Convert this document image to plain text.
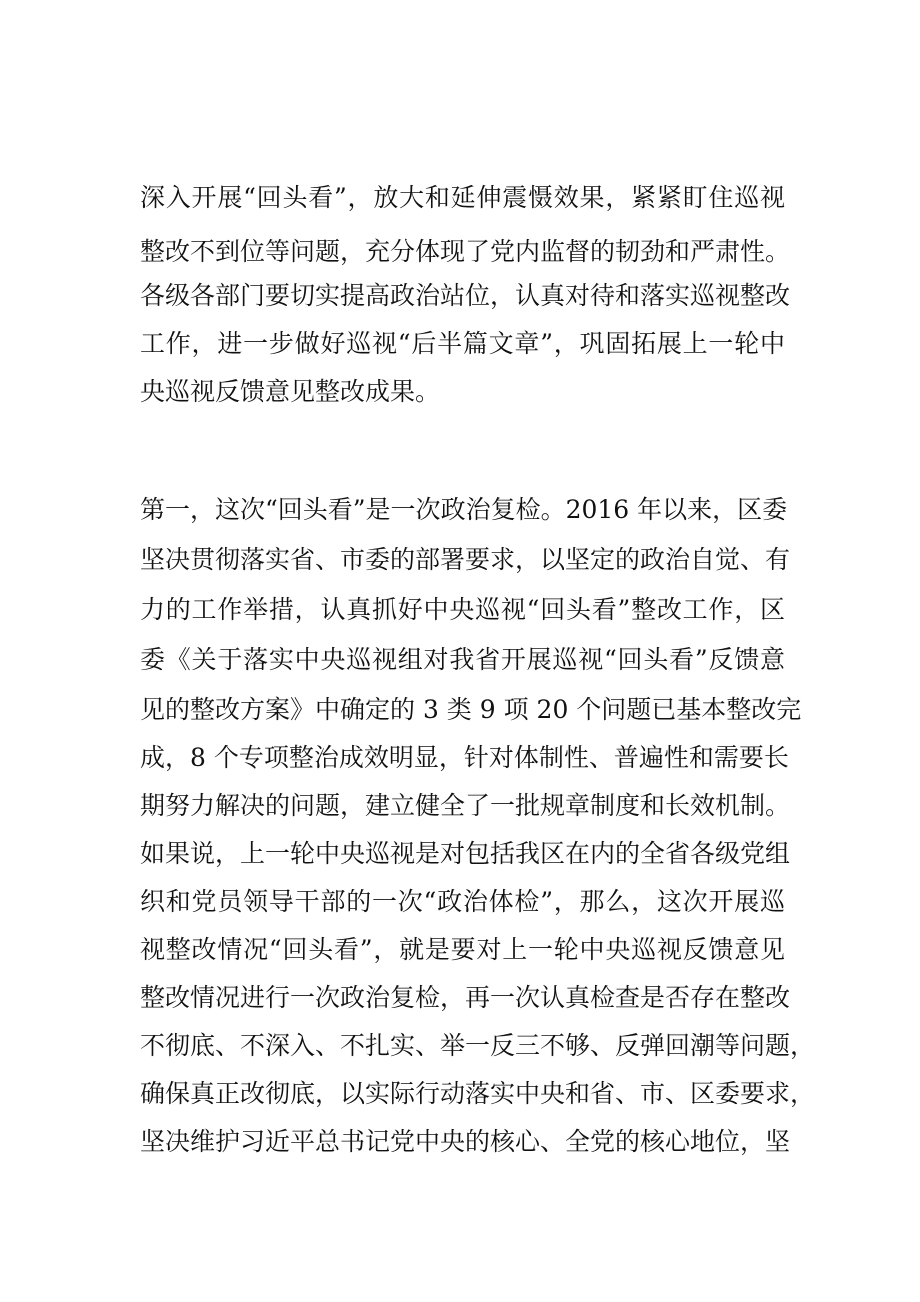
深入开展“回头看”，放大和延伸震慑效果，紧紧盯住巡视
整改不到位等问题，充分体现了党内监督的韧劲和严肃性。
各级各部门要切实提高政治站位，认真对待和落实巡视整改
工作，进一步做好巡视“后半篇文章”，巩固拓展上一轮中
央巡视反馈意见整改成果。
第一，这次“回头看”是一次政治复检。2016 年以来，区委
坚决贯彻落实省、市委的部署要求，以坚定的政治自觉、有
力的工作举措，认真抓好中央巡视“回头看”整改工作，区
委《关于落实中央巡视组对我省开展巡视“回头看”反馈意
见的整改方案》中确定的 3 类 9 项 20 个问题已基本整改完
成，8 个专项整治成效明显，针对体制性、普遍性和需要长
期努力解决的问题，建立健全了一批规章制度和长效机制。
如果说，上一轮中央巡视是对包括我区在内的全省各级党组
织和党员领导干部的一次“政治体检”，那么，这次开展巡
视整改情况“回头看”，就是要对上一轮中央巡视反馈意见
整改情况进行一次政治复检，再一次认真检查是否存在整改
不彻底、不深入、不扎实、举一反三不够、反弹回潮等问题，
确保真正改彻底，以实际行动落实中央和省、市、区委要求，
坚决维护习近平总书记党中央的核心、全党的核心地位，坚
